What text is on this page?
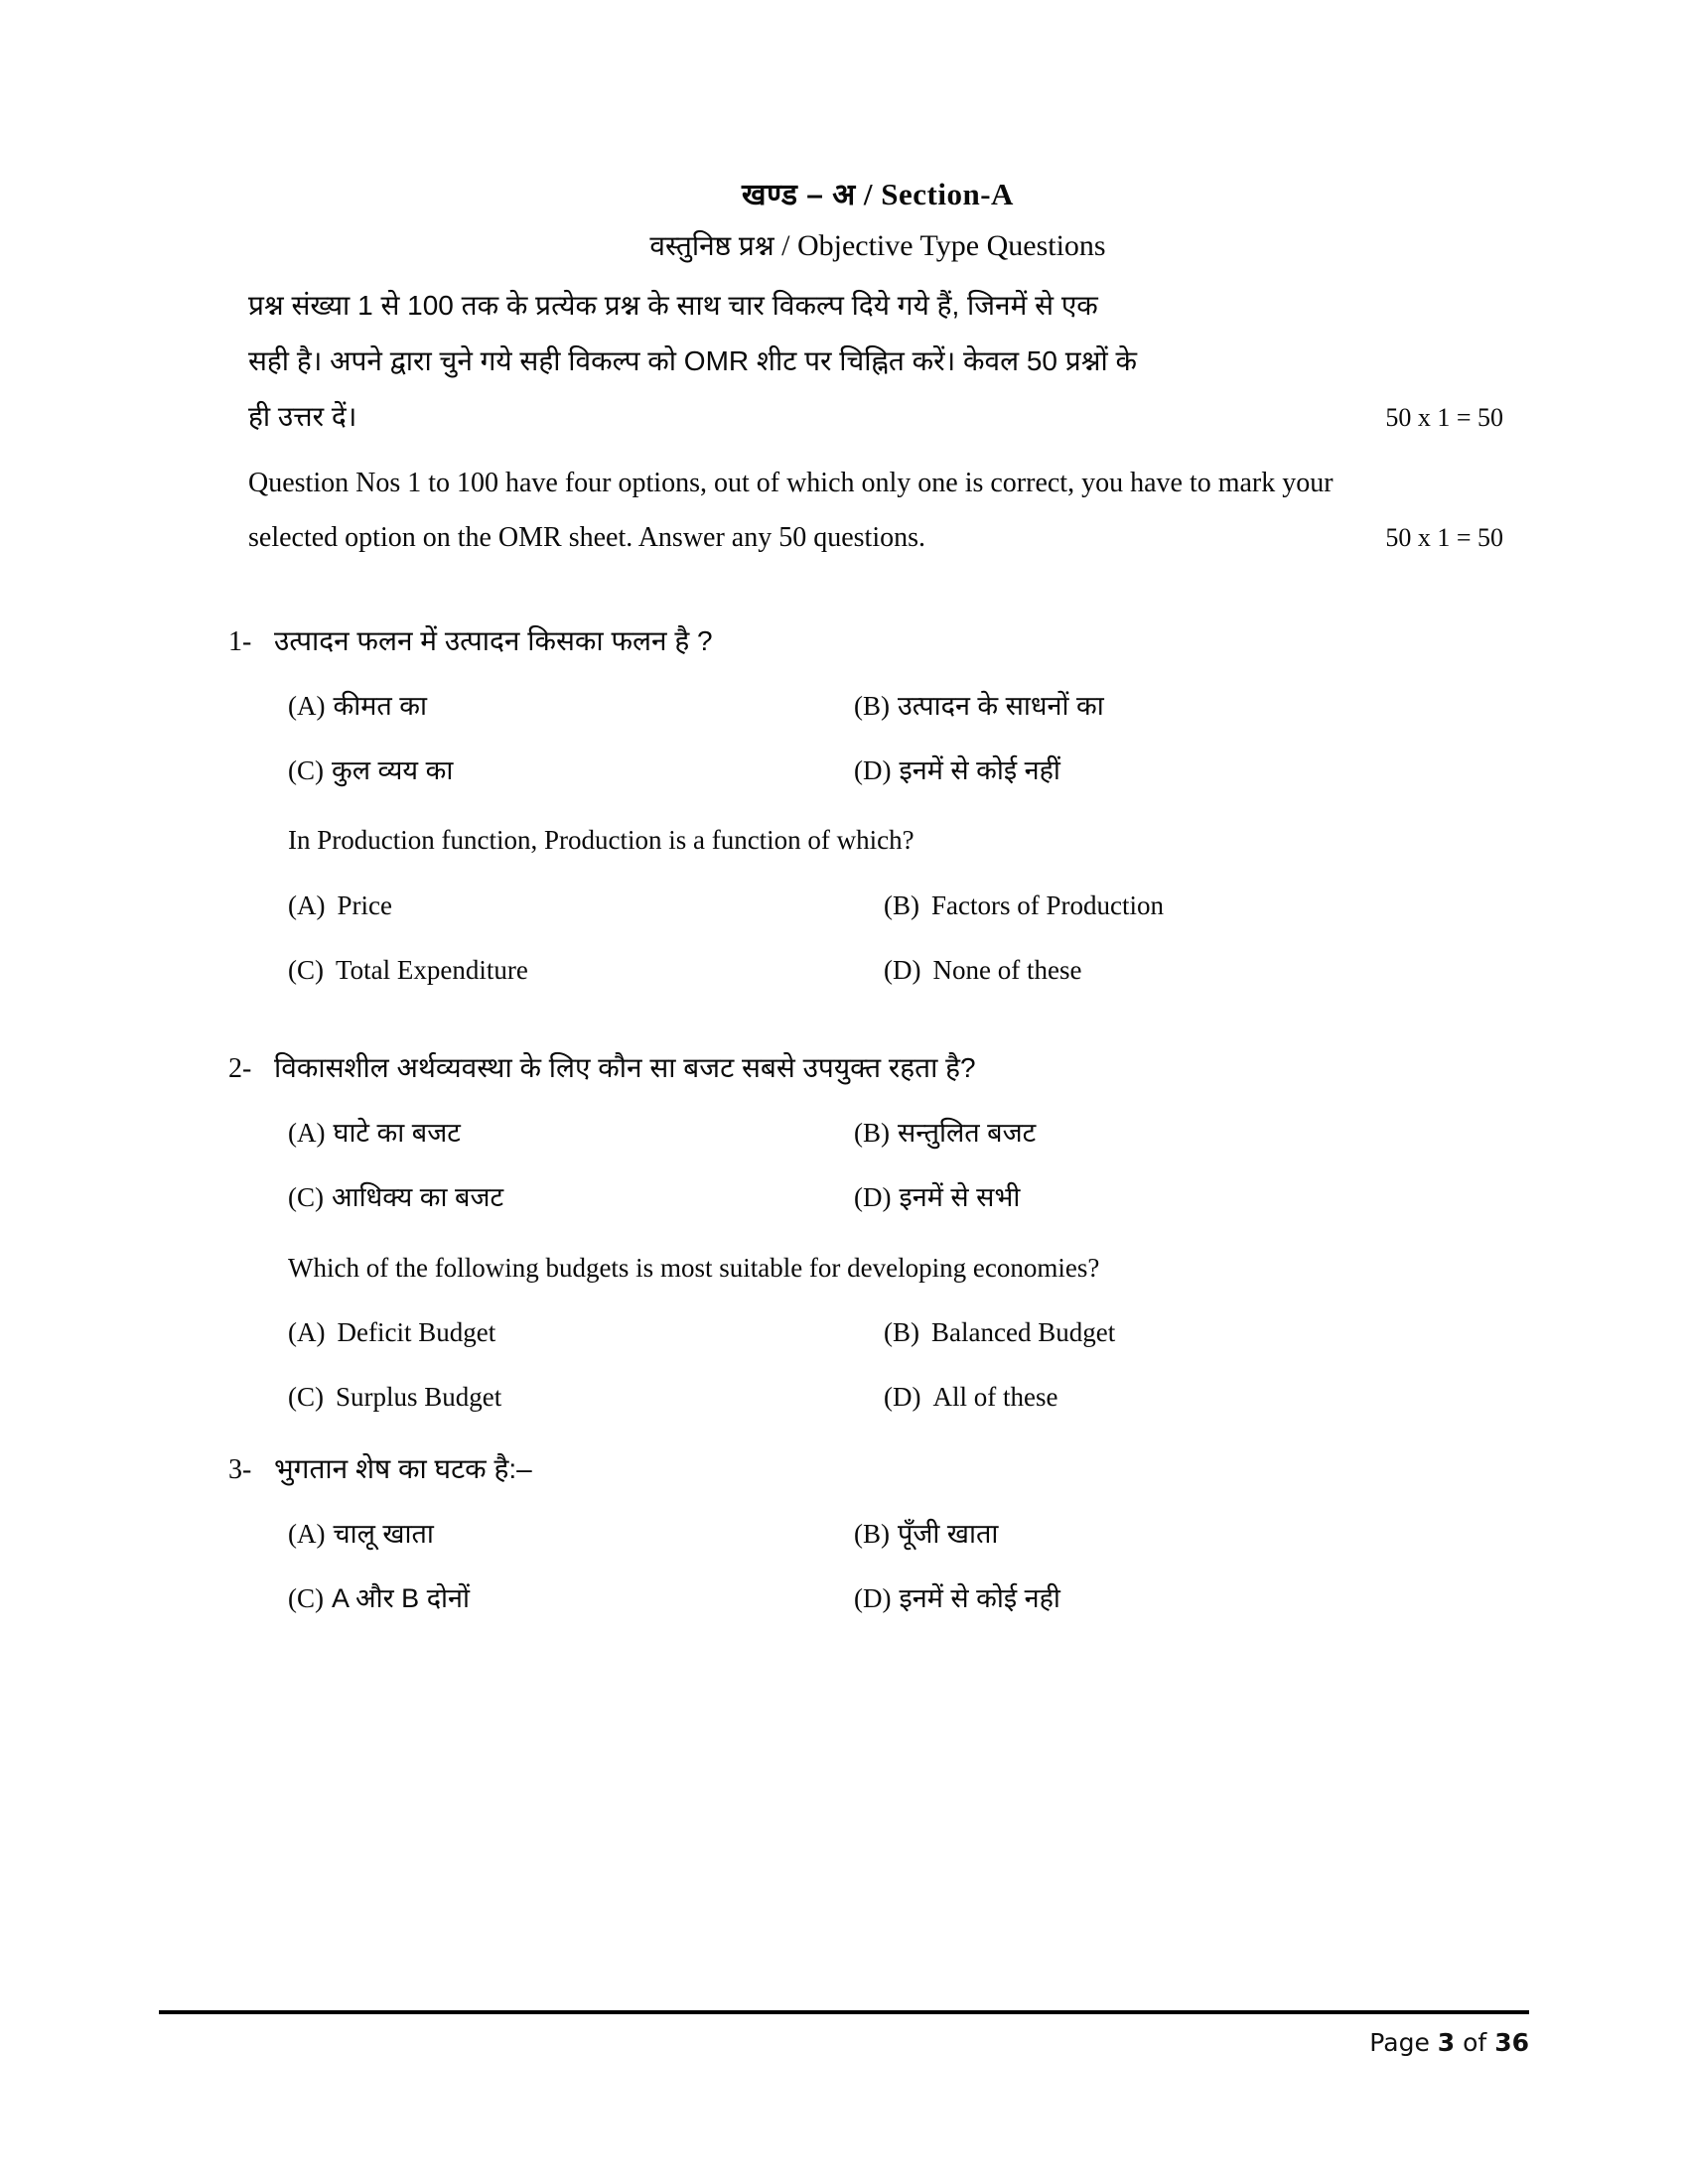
खण्ड – अ / Section-A
वस्तुनिष्ठ प्रश्न / Objective Type Questions
प्रश्न संख्या 1 से 100 तक के प्रत्येक प्रश्न के साथ चार विकल्प दिये गये हैं, जिनमें से एक
सही है। अपने द्वारा चुने गये सही विकल्प को OMR शीट पर चिह्नित करें। केवल 50 प्रश्नों के
ही उत्तर दें।	50 x 1 = 50
Question Nos 1 to 100 have four options, out of which only one is correct, you have to mark your
selected option on the OMR sheet. Answer any 50 questions.	50 x 1 = 50
1- उत्पादन फलन में उत्पादन किसका फलन है ?
(A) कीमत का	(B) उत्पादन के साधनों का
(C) कुल व्यय का	(D) इनमें से कोई नहीं
In Production function, Production is a function of which?
(A) Price	(B) Factors of Production
(C) Total Expenditure	(D) None of these
2- विकासशील अर्थव्यवस्था के लिए कौन सा बजट सबसे उपयुक्त रहता है?
(A) घाटे का बजट	(B) सन्तुलित बजट
(C) आधिक्य का बजट	(D) इनमें से सभी
Which of the following budgets is most suitable for developing economies?
(A) Deficit Budget	(B) Balanced Budget
(C) Surplus Budget	(D) All of these
3- भुगतान शेष का घटक है:–
(A) चालू खाता	(B) पूँजी खाता
(C) A और B दोनों	(D) इनमें से कोई नही
Page 3 of 36
